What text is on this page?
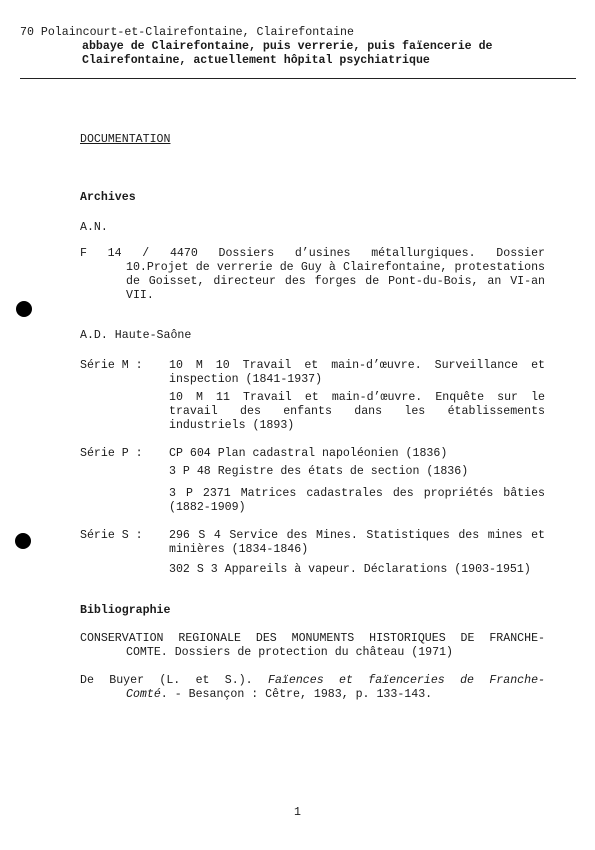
70 Polaincourt-et-Clairefontaine, Clairefontaine
abbaye de Clairefontaine, puis verrerie, puis faïencerie de
Clairefontaine, actuellement hôpital psychiatrique
DOCUMENTATION
Archives
A.N.
F 14 / 4470 Dossiers d’usines métallurgiques. Dossier
10.Projet de verrerie de Guy à Clairefontaine, protestations de Goisset, directeur des forges de Pont-du-Bois, an VI-an VII.
A.D. Haute-Saône
Série M : 10 M 10 Travail et main-d’œuvre. Surveillance et inspection (1841-1937)
10 M 11 Travail et main-d’œuvre. Enquête sur le travail des enfants dans les établissements industriels (1893)
Série P : CP 604 Plan cadastral napoléonien (1836)
3 P 48 Registre des états de section (1836)
3 P 2371 Matrices cadastrales des propriétés bâties (1882-1909)
Série S : 296 S 4 Service des Mines. Statistiques des mines et minières (1834-1846)
302 S 3 Appareils à vapeur. Déclarations (1903-1951)
Bibliographie
CONSERVATION REGIONALE DES MONUMENTS HISTORIQUES DE FRANCHE-
COMTE. Dossiers de protection du château (1971)
De Buyer (L. et S.). Faïences et faïenceries de Franche-
Comté. - Besançon : Cêtre, 1983, p. 133-143.
1
